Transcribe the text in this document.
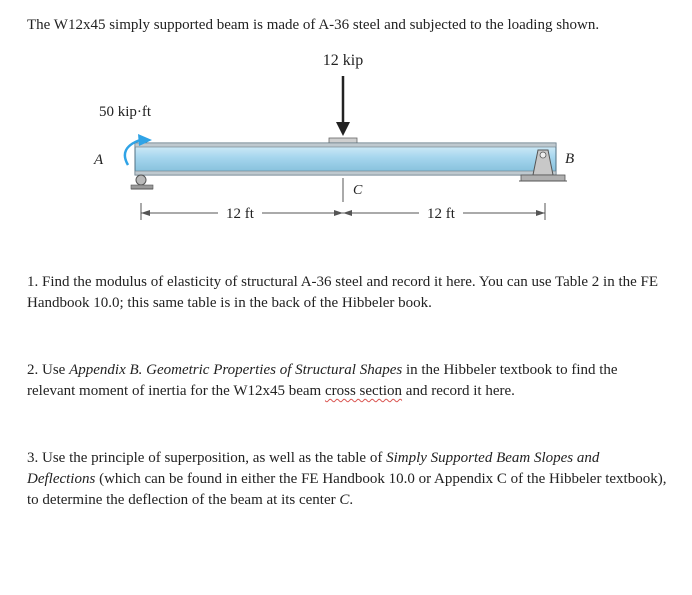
The W12x45 simply supported beam is made of A-36 steel and subjected to the loading shown.

12 kip
50 kip·ft
A	B
C
12 ft	12 ft

1. Find the modulus of elasticity of structural A-36 steel and record it here. You can use Table 2 in the FE Handbook 10.0; this same table is in the back of the Hibbeler book.

2. Use Appendix B. Geometric Properties of Structural Shapes in the Hibbeler textbook to find the relevant moment of inertia for the W12x45 beam cross section and record it here.

3. Use the principle of superposition, as well as the table of Simply Supported Beam Slopes and Deflections (which can be found in either the FE Handbook 10.0 or Appendix C of the Hibbeler textbook), to determine the deflection of the beam at its center C.
